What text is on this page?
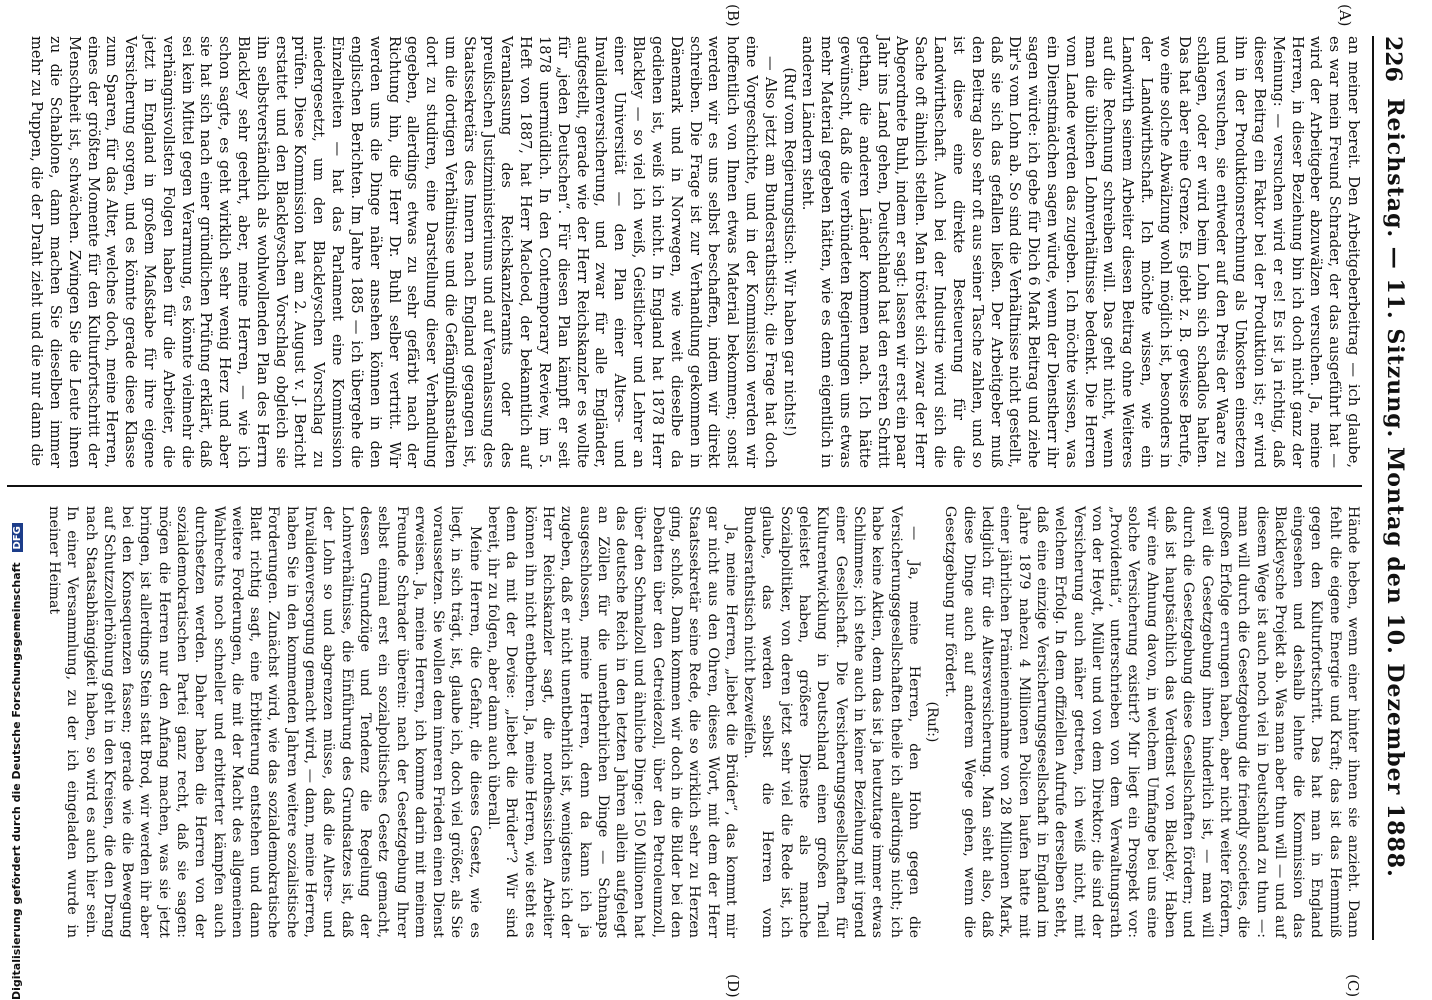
226
Reichstag. — 11. Sitzung. Montag den 10. Dezember 1888.
(A)
(B)
(C)
(D)

an meiner bereit. Den Arbeitgeberbeitrag — ich glaube, es war mein Freund Schrader, der das ausgeführt hat — wird der Arbeitgeber abzuwälzen versuchen. Ja, meine Herren, in dieser Beziehung bin ich doch nicht ganz der Meinung: — versuchen wird er es! Es ist ja richtig, daß dieser Beitrag ein Faktor bei der Produktion ist; er wird ihn in der Produktionsrechnung als Unkosten einsetzen und versuchen, sie entweder auf den Preis der Waare zu schlagen, oder er wird beim Lohn sich schadlos halten. Das hat aber eine Grenze. Es giebt z. B. gewisse Berufe, wo eine solche Abwälzung wohl möglich ist, besonders in der Landwirthschaft. Ich möchte wissen, wie ein Landwirth seinem Arbeiter diesen Beitrag ohne Weiteres auf die Rechnung schreiben will. Das geht nicht, wenn man die üblichen Lohnverhältnisse bedenkt. Die Herren vom Lande werden das zugeben. Ich möchte wissen, was ein Dienstmädchen sagen würde, wenn der Dienstherr ihr sagen würde: ich gebe für Dich 6 Mark Beitrag und ziehe Dir's vom Lohn ab. So sind die Verhältnisse nicht gestellt, daß sie sich das gefallen ließen. Der Arbeitgeber muß den Beitrag also sehr oft aus seiner Tasche zahlen, und so ist diese eine direkte Besteuerung für die Landwirthschaft. Auch bei der Industrie wird sich die Sache oft ähnlich stellen. Man tröstet sich zwar der Herr Abgeordnete Buhl, indem er sagt: lassen wir erst ein paar Jahr ins Land gehen, Deutschland hat den ersten Schritt gethan, die anderen Länder kommen nach. Ich hätte gewünscht, daß die verbündeten Regierungen uns etwas mehr Material gegeben hätten, wie es denn eigentlich in anderen Ländern steht.

(Ruf vom Regierungstisch: Wir haben gar nichts!)

— Also jetzt am Bundesrathstisch; die Frage hat doch eine Vorgeschichte, und in der Kommission werden wir hoffentlich von Ihnen etwas Material bekommen; sonst werden wir es uns selbst beschaffen, indem wir direkt schreiben. Die Frage ist zur Verhandlung gekommen in Dänemark und in Norwegen, wie weit dieselbe da gediehen ist, weiß ich nicht. In England hat 1878 Herr Blackley — so viel ich weiß, Geistlicher und Lehrer an einer Universität — den Plan einer Alters- und Invalidenversicherung, und zwar für alle Engländer, aufgestellt, gerade wie der Herr Reichskanzler es wollte für „jeden Deutschen“. Für diesen Plan kämpft er seit 1878 unermüdlich. In den Contemporary Review, im 5. Heft von 1887, hat Herr Macleod, der bekanntlich auf Veranlassung des Reichskanzleramts oder des preußischen Justizministeriums und auf Veranlassung des Staatssekretärs des Innern nach England gegangen ist, um die dortigen Verhältnisse und die Gefängnißanstalten dort zu studiren, eine Darstellung dieser Verhandlung gegeben, allerdings etwas zu sehr gefärbt nach der Richtung hin, die Herr Dr. Buhl selber vertritt. Wir werden uns die Dinge näher ansehen können in den englischen Berichten. Im Jahre 1885 — ich übergehe die Einzelheiten — hat das Parlament eine Kommission niedergesetzt, um den Blackleyschen Vorschlag zu prüfen. Diese Kommission hat am 2. August v. J. Bericht erstattet und den Blackleyschen Vorschlag obgleich sie ihn selbstverständlich als wohlwollenden Plan des Herrn Blackley sehr geehrt, aber, meine Herren, — wie ich schon sagte, es geht wirklich sehr wenig Herz und aber sie hat sich nach einer gründlichen Prüfung erklärt, daß sei kein Mittel gegen Verarmung, es könnte vielmehr die verhängnisvollsten Folgen haben für die Arbeiter, die jetzt in England in großem Maßstabe für ihre eigene Versicherung sorgen, und es könnte gerade diese Klasse zum Sparen, für das Alter, welches doch, meine Herren, eines der größten Momente für den Kulturfortschritt der Menschheit ist, schwächen. Zwingen Sie die Leute ihnen zu die Schablone, dann machen Sie dieselben immer mehr zu Puppen, die der Draht zieht und die nur dann die

Hände heben, wenn einer hinter ihnen sie anzieht. Dann fehlt die eigene Energie und Kraft; das ist das Hemmniß gegen den Kulturfortschritt. Das hat man in England eingesehen und deshalb lehnte die Kommission das Blackleysche Projekt ab. Was man aber thun will — und auf diesem Wege ist auch noch viel in Deutschland zu thun —: man will durch die Gesetzgebung die friendly societies, die großen Erfolge errungen haben, aber nicht weiter fördern, weil die Gesetzgebung ihnen hinderlich ist, — man will durch die Gesetzgebung diese Gesellschaften fördern; und daß ist hauptsächlich das Verdienst von Blackley. Haben wir eine Ahnung davon, in welchem Umfange bei uns eine solche Versicherung existirt? Mir liegt ein Prospekt vor: „Providentia“, unterschrieben von dem Verwaltungsrath von der Heydt, Müller und von dem Direktor; die sind der Versicherung auch näher getreten, ich weiß nicht, mit welchem Erfolg. In dem offiziellen Aufrufe derselben steht, daß eine einzige Versicherungsgesellschaft in England im Jahre 1879 nahezu 4 Millionen Policen laufen hatte mit einer jährlichen Prämieneinnahme von 28 Millionen Mark, lediglich für die Altersversicherung. Man sieht also, daß diese Dinge auch auf anderem Wege gehen, wenn die Gesetzgebung nur fördert.

(Ruf:)

— Ja, meine Herren, den Hohn gegen die Versicherungsgesellschaften theile ich allerdings nicht; ich habe keine Aktien, denn das ist ja heutzutage immer etwas Schlimmes; ich stehe auch in keiner Beziehung mit irgend einer Gesellschaft. Die Versicherungsgesellschaften für Kulturentwicklung in Deutschland einen großen Theil geleistet haben, größere Dienste als manche Sozialpolitiker, von deren jetzt sehr viel die Rede ist, ich glaube, das werden selbst die Herren vom Bundesrathstisch nicht bezweifeln.

Ja, meine Herren, „liebet die Brüder“, das kommt mir gar nicht aus den Ohren, dieses Wort, mit dem der Herr Staatssekretär seine Rede, die so wirklich sehr zu Herzen ging, schloß. Dann kommen wir doch in die Bilder bei den Debatten über den Getreidezoll, über den Petroleumzoll, über den Schmalzoll und ähnliche Dinge: 150 Millionen hat das deutsche Reich in den letzten Jahren allein aufgelegt an Zöllen für die unentbehrlichen Dinge — Schnaps ausgeschlossen, meine Herren, denn da kann ich ja zugeben, daß er nicht unentbehrlich ist, wenigstens ich der Herr Reichskanzler sagt, die nordhessischen Arbeiter können ihn nicht entbehren. Ja, meine Herren, wie steht es denn da mit der Devise: „liebet die Brüder“? Wir sind bereit, ihr zu folgen, aber dann auch überall.

Meine Herren, die Gefahr, die dieses Gesetz, wie es liegt, in sich trägt, ist, glaube ich, doch viel größer, als Sie voraussetzen. Sie wollen dem inneren Frieden einen Dienst erweisen. Ja, meine Herren, ich komme darin mit meinem Freunde Schrader überein: nach der Gesetzgebung Ihrer selbst einmal erst ein sozialpolitisches Gesetz gemacht, dessen Grundzüge und Tendenz die Regelung der Lohnverhältnisse, die Einführung des Grundsatzes ist, daß der Lohn so und abgrenzen müsse, daß die Alters- und Invalidenversorgung gemacht wird, — dann, meine Herren, haben Sie in den kommenden Jahren weitere sozialistische Forderungen. Zunächst wird, wie das sozialdemokratische Blatt richtig sagt, eine Erbitterung entstehen und dann weitere Forderungen, die mit der Macht des allgemeinen Wahlrechts noch schneller und erbitterter kämpfen auch durchsetzen werden. Daher haben die Herren von der sozialdemokratischen Partei ganz recht, daß sie sagen: mögen die Herren nur den Anfang machen, was sie jetzt bringen, ist allerdings Stein statt Brod, wir werden ihr aber bei den Konsequenzen fassen; gerade wie die Bewegung auf Schutzzollerhöhung geht in den Kreisen, die den Drang nach Staatsabhängigkeit haben, so wird es auch hier sein. In einer Versammlung, zu der ich eingeladen wurde in meiner Heimat

Digitalisierung gefördert durch die Deutsche Forschungsgemeinschaft DFG
